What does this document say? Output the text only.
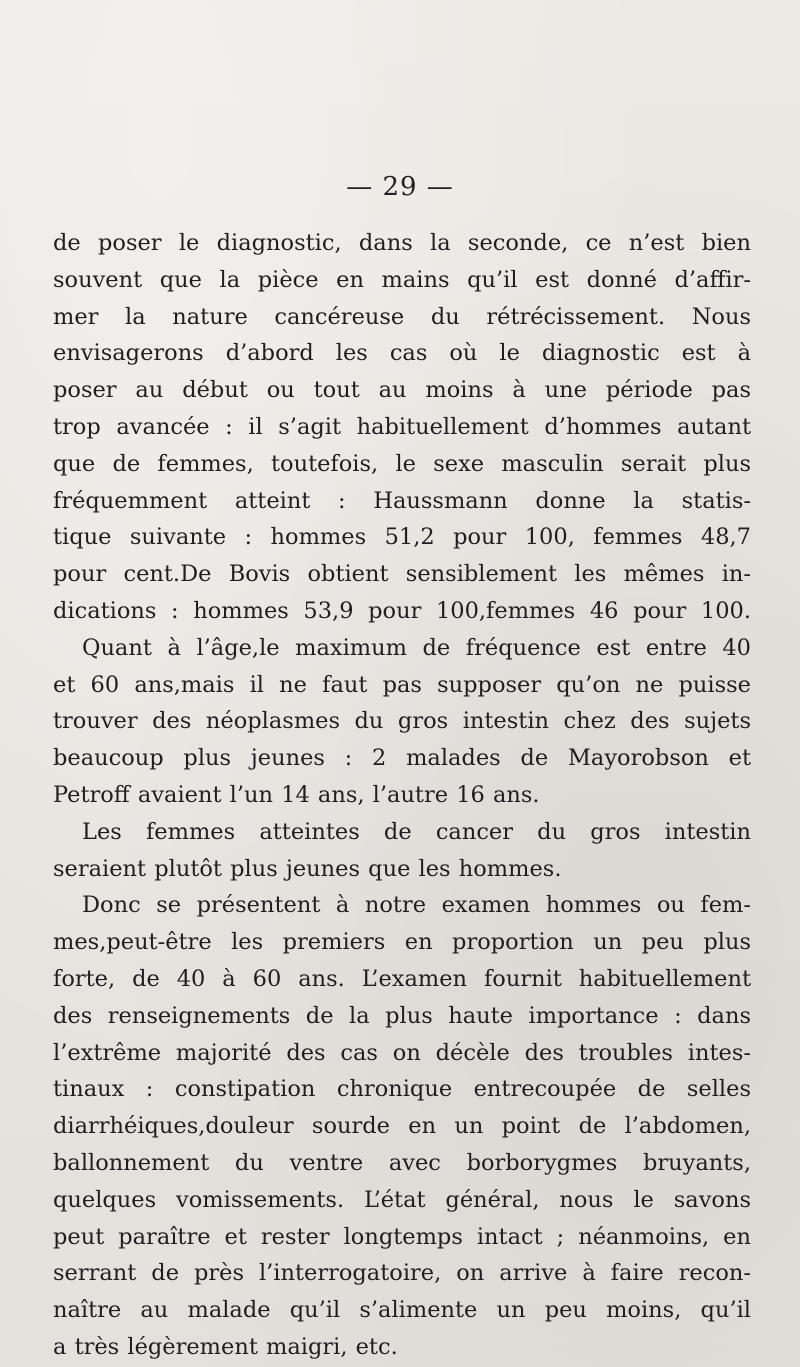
— 29 —
de poser le diagnostic, dans la seconde, ce n’est bien
souvent que la pièce en mains qu’il est donné d’affir-
mer la nature cancéreuse du rétrécissement. Nous
envisagerons d’abord les cas où le diagnostic est à
poser au début ou tout au moins à une période pas
trop avancée : il s’agit habituellement d’hommes autant
que de femmes, toutefois, le sexe masculin serait plus
fréquemment atteint : Haussmann donne la statis-
tique suivante : hommes 51,2 pour 100, femmes 48,7
pour cent.De Bovis obtient sensiblement les mêmes in-
dications : hommes 53,9 pour 100,femmes 46 pour 100.
Quant à l’âge,le maximum de fréquence est entre 40
et 60 ans,mais il ne faut pas supposer qu’on ne puisse
trouver des néoplasmes du gros intestin chez des sujets
beaucoup plus jeunes : 2 malades de Mayorobson et
Petroff avaient l’un 14 ans, l’autre 16 ans.
Les femmes atteintes de cancer du gros intestin
seraient plutôt plus jeunes que les hommes.
Donc se présentent à notre examen hommes ou fem-
mes,peut-être les premiers en proportion un peu plus
forte, de 40 à 60 ans. L’examen fournit habituellement
des renseignements de la plus haute importance : dans
l’extrême majorité des cas on décèle des troubles intes-
tinaux : constipation chronique entrecoupée de selles
diarrhéiques,douleur sourde en un point de l’abdomen,
ballonnement du ventre avec borborygmes bruyants,
quelques vomissements. L’état général, nous le savons
peut paraître et rester longtemps intact ; néanmoins, en
serrant de près l’interrogatoire, on arrive à faire recon-
naître au malade qu’il s’alimente un peu moins, qu’il
a très légèrement maigri, etc.
